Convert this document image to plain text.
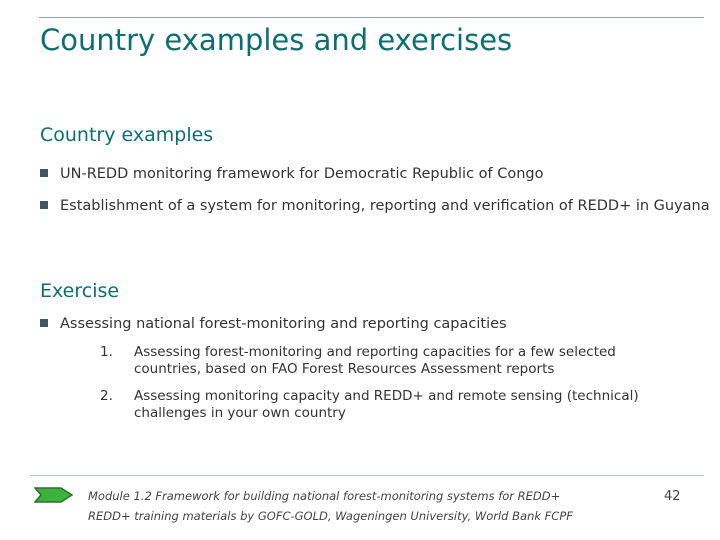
Country examples and exercises
Country examples
UN-REDD monitoring framework for Democratic Republic of Congo
Establishment of a system for monitoring, reporting and verification of REDD+ in Guyana
Exercise
Assessing national forest-monitoring and reporting capacities
1. Assessing forest-monitoring and reporting capacities for a few selected countries, based on FAO Forest Resources Assessment reports
2. Assessing monitoring capacity and REDD+ and remote sensing (technical) challenges in your own country
Module 1.2 Framework for building national forest-monitoring systems for REDD+
REDD+ training materials by GOFC-GOLD, Wageningen University, World Bank FCPF
42
